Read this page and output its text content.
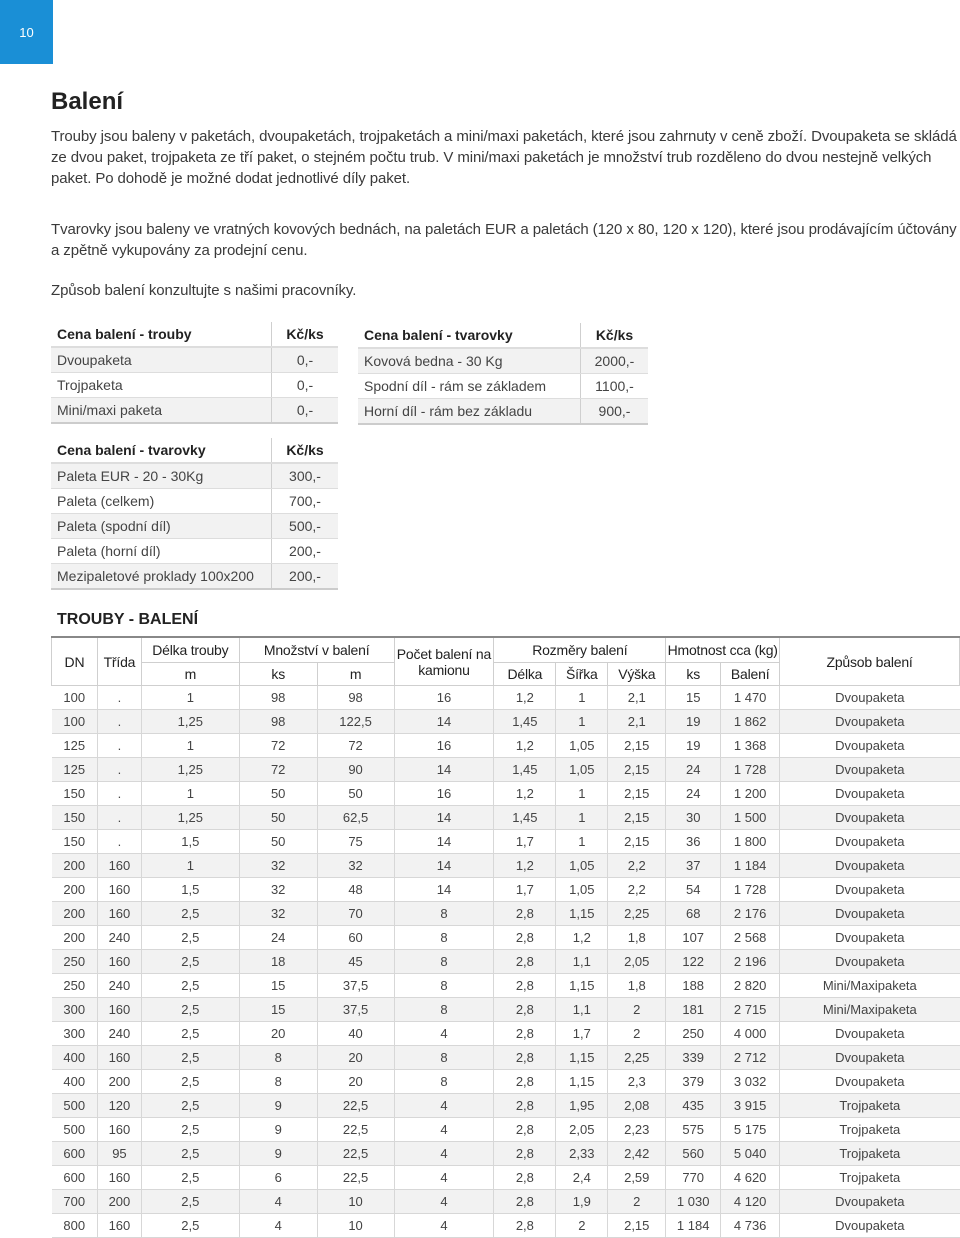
10
Balení

Trouby jsou baleny v paketách, dvoupaketách, trojpaketách a mini/maxi paketách, které jsou zahrnuty v ceně zboží. Dvoupaketa se skládá ze dvou paket, trojpaketa ze tří paket, o stejném počtu trub. V mini/maxi paketách je množství trub rozděleno do dvou nestejně velkých paket. Po dohodě je možné dodat jednotlivé díly paket.

Tvarovky jsou baleny ve vratných kovových bednách, na paletách EUR a paletách (120 x 80, 120 x 120), které jsou prodávajícím účtovány a zpětně vykupovány za prodejní cenu.

Způsob balení konzultujte s našimi pracovníky.

Cena balení - trouby	Kč/ks
Dvoupaketa	0,-
Trojpaketa	0,-
Mini/maxi paketa	0,-
Cena balení - tvarovky	Kč/ks
Kovová bedna - 30 Kg	2000,-
Spodní díl - rám se základem	1100,-
Horní díl - rám bez základu	900,-
Cena balení - tvarovky	Kč/ks
Paleta EUR - 20 - 30Kg	300,-
Paleta (celkem)	700,-
Paleta (spodní díl)	500,-
Paleta (horní díl)	200,-
Mezipaletové proklady 100x200	200,-
TROUBY - BALENÍ
DN	Třída	Délka trouby	Množství v balení		Počet balení na kamionu	Rozměry balení			Hmotnost cca (kg)		Způsob balení
		m	ks	m		Délka	Šířka	Výška	ks	Balení	
100	.	1	98	98	16	1,2	1	2,1	15	1 470	Dvoupaketa
100	.	1,25	98	122,5	14	1,45	1	2,1	19	1 862	Dvoupaketa
125	.	1	72	72	16	1,2	1,05	2,15	19	1 368	Dvoupaketa
125	.	1,25	72	90	14	1,45	1,05	2,15	24	1 728	Dvoupaketa
150	.	1	50	50	16	1,2	1	2,15	24	1 200	Dvoupaketa
150	.	1,25	50	62,5	14	1,45	1	2,15	30	1 500	Dvoupaketa
150	.	1,5	50	75	14	1,7	1	2,15	36	1 800	Dvoupaketa
200	160	1	32	32	14	1,2	1,05	2,2	37	1 184	Dvoupaketa
200	160	1,5	32	48	14	1,7	1,05	2,2	54	1 728	Dvoupaketa
200	160	2,5	32	70	8	2,8	1,15	2,25	68	2 176	Dvoupaketa
200	240	2,5	24	60	8	2,8	1,2	1,8	107	2 568	Dvoupaketa
250	160	2,5	18	45	8	2,8	1,1	2,05	122	2 196	Dvoupaketa
250	240	2,5	15	37,5	8	2,8	1,15	1,8	188	2 820	Mini/Maxipaketa
300	160	2,5	15	37,5	8	2,8	1,1	2	181	2 715	Mini/Maxipaketa
300	240	2,5	20	40	4	2,8	1,7	2	250	4 000	Dvoupaketa
400	160	2,5	8	20	8	2,8	1,15	2,25	339	2 712	Dvoupaketa
400	200	2,5	8	20	8	2,8	1,15	2,3	379	3 032	Dvoupaketa
500	120	2,5	9	22,5	4	2,8	1,95	2,08	435	3 915	Trojpaketa
500	160	2,5	9	22,5	4	2,8	2,05	2,23	575	5 175	Trojpaketa
600	95	2,5	9	22,5	4	2,8	2,33	2,42	560	5 040	Trojpaketa
600	160	2,5	6	22,5	4	2,8	2,4	2,59	770	4 620	Trojpaketa
700	200	2,5	4	10	4	2,8	1,9	2	1 030	4 120	Dvoupaketa
800	160	2,5	4	10	4	2,8	2	2,15	1 184	4 736	Dvoupaketa
